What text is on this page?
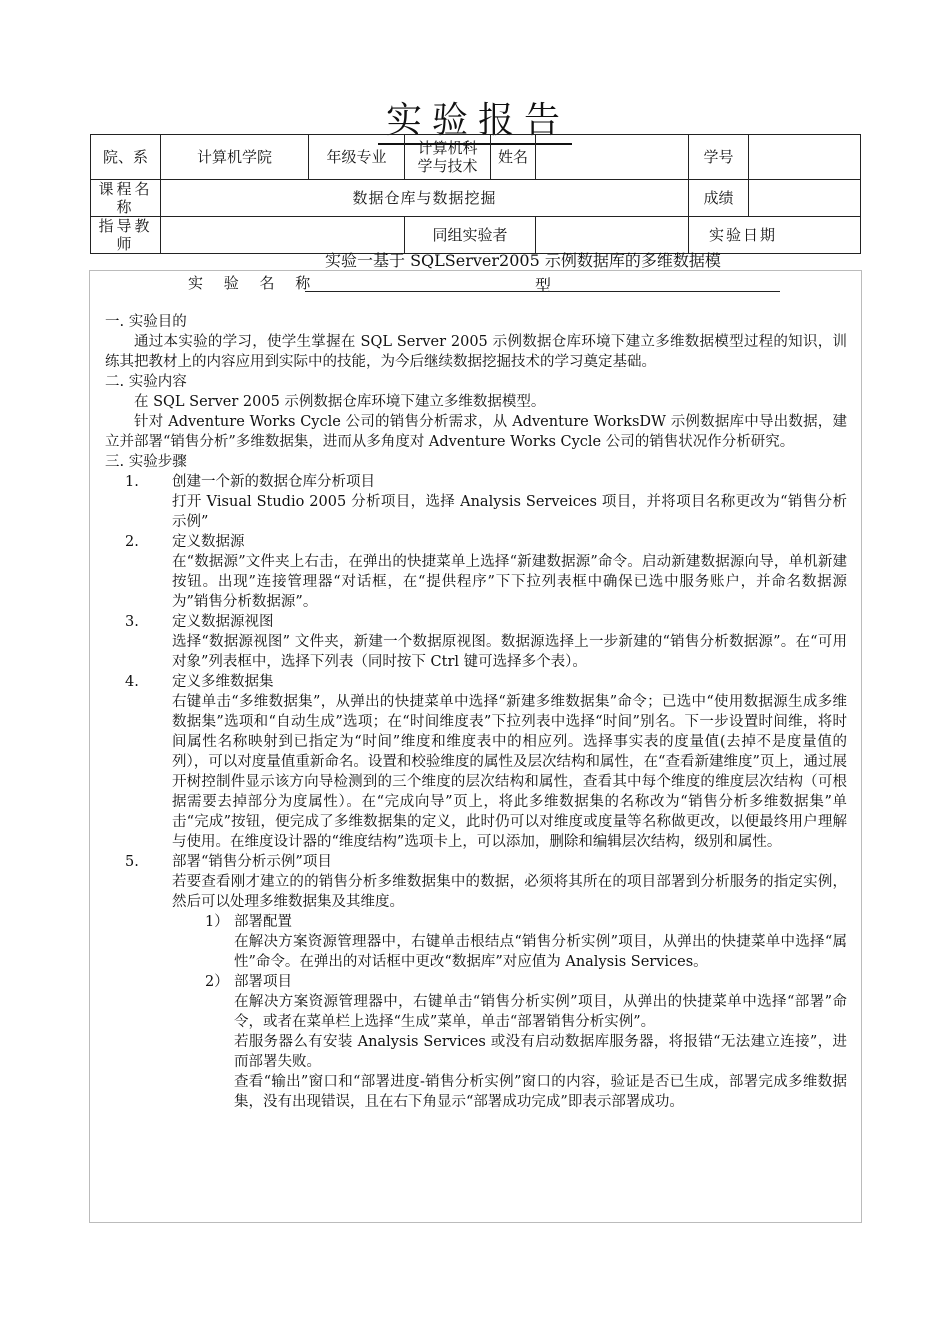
实验报告
院、系	计算机学院	年级专业	计算机科学与技术	姓名		学号	
课程名称	数据仓库与数据挖掘					成绩	
指导教师			同组实验者			实验日期	
实验一基于 SQLServer2005 示例数据库的多维数据模
实 验 名 称	型

一. 实验目的

通过本实验的学习，使学生掌握在 SQL Server 2005 示例数据仓库环境下建立多维数据模型过程的知识，训练其把教材上的内容应用到实际中的技能，为今后继续数据挖掘技术的学习奠定基础。

二. 实验内容

在 SQL Server 2005 示例数据仓库环境下建立多维数据模型。

针对 Adventure Works Cycle 公司的销售分析需求，从 Adventure WorksDW 示例数据库中导出数据，建立并部署“销售分析”多维数据集，进而从多角度对 Adventure Works Cycle 公司的销售状况作分析研究。

三. 实验步骤

1. 创建一个新的数据仓库分析项目

打开 Visual Studio 2005 分析项目，选择 Analysis Serveices 项目，并将项目名称更改为“销售分析示例”

2. 定义数据源

在“数据源”文件夹上右击，在弹出的快捷菜单上选择“新建数据源”命令。启动新建数据源向导，单机新建按钮。出现”连接管理器“对话框，在“提供程序”下下拉列表框中确保已选中服务账户，并命名数据源为”销售分析数据源”。

3. 定义数据源视图

选择“数据源视图” 文件夹，新建一个数据原视图。数据源选择上一步新建的“销售分析数据源”。在“可用对象”列表框中，选择下列表（同时按下 Ctrl 键可选择多个表）。

4. 定义多维数据集

右键单击“多维数据集”，从弹出的快捷菜单中选择“新建多维数据集”命令；已选中“使用数据源生成多维数据集”选项和“自动生成”选项；在“时间维度表”下拉列表中选择“时间”别名。下一步设置时间维，将时间属性名称映射到已指定为“时间”维度和维度表中的相应列。选择事实表的度量值(去掉不是度量值的列），可以对度量值重新命名。设置和校验维度的属性及层次结构和属性，在“查看新建维度”页上，通过展开树控制件显示该方向导检测到的三个维度的层次结构和属性，查看其中每个维度的维度层次结构（可根据需要去掉部分为度属性）。在“完成向导”页上，将此多维数据集的名称改为“销售分析多维数据集”单击“完成”按钮，便完成了多维数据集的定义，此时仍可以对维度或度量等名称做更改，以便最终用户理解与使用。在维度设计器的“维度结构”选项卡上，可以添加，删除和编辑层次结构，级别和属性。

5. 部署“销售分析示例”项目

若要查看刚才建立的的销售分析多维数据集中的数据，必须将其所在的项目部署到分析服务的指定实例，然后可以处理多维数据集及其维度。

1） 部署配置

在解决方案资源管理器中，右键单击根结点“销售分析实例”项目，从弹出的快捷菜单中选择“属性”命令。在弹出的对话框中更改“数据库”对应值为 Analysis Services。

2） 部署项目

在解决方案资源管理器中，右键单击“销售分析实例”项目，从弹出的快捷菜单中选择“部署”命令，或者在菜单栏上选择“生成”菜单，单击“部署销售分析实例”。

若服务器么有安装 Analysis Services 或没有启动数据库服务器，将报错“无法建立连接”，进而部署失败。

查看“输出”窗口和“部署进度-销售分析实例”窗口的内容，验证是否已生成，部署完成多维数据集，没有出现错误，且在右下角显示“部署成功完成”即表示部署成功。
